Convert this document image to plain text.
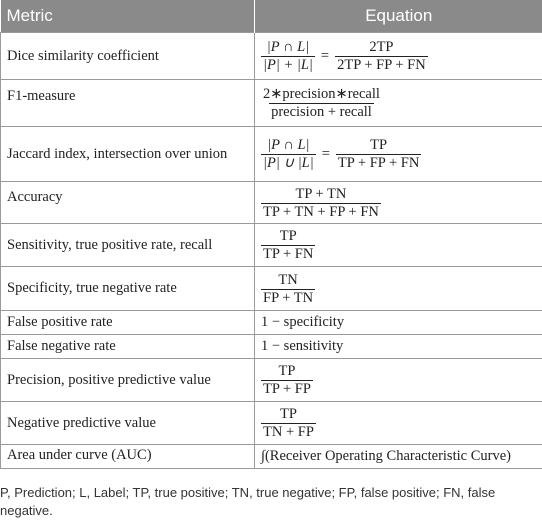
Metric	Equation
Dice similarity coefficient	$\frac{|P \cap L|}{|P| + |L|} = \frac{2TP}{2TP + FP + FN}$

F1-measure	$\frac{\text{2∗precision∗recall}}{\text{precision + recall}}$

Jaccard index, intersection over union	$\frac{|P \cap L|}{|P| \cup |L|} = \frac{TP}{TP + FP + FN}$

Accuracy	$\frac{TP + TN}{TP + TN + FP + FN}$

Sensitivity, true positive rate, recall	$\frac{TP}{TP + FN}$

Specificity, true negative rate	$\frac{TN}{FP + TN}$

False positive rate	1 − specificity
False negative rate	1 − sensitivity
Precision, positive predictive value	$\frac{TP}{TP + FP}$

Negative predictive value	$\frac{TP}{TN + FP}$

Area under curve (AUC)	∫(Receiver Operating Characteristic Curve)
P, Prediction; L, Label; TP, true positive; TN, true negative; FP, false positive; FN, false negative.
